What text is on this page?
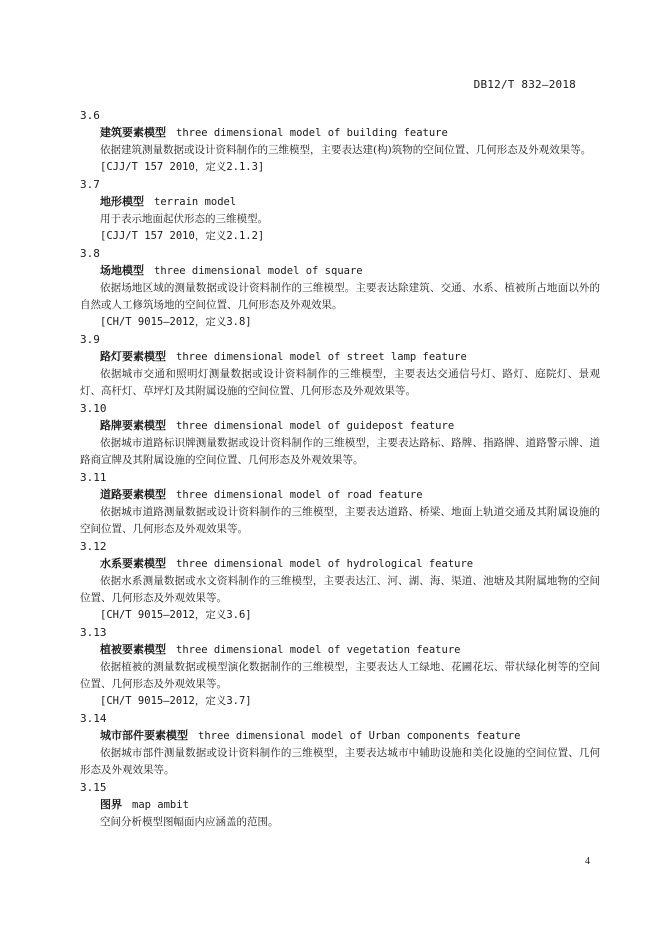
DB12/T 832—2018
3.6
建筑要素模型 three dimensional model of building feature

依据建筑测量数据或设计资料制作的三维模型，主要表达建(构)筑物的空间位置、几何形态及外观效果等。

[CJJ/T 157 2010，定义2.1.3]
3.7
地形模型 terrain model

用于表示地面起伏形态的三维模型。

[CJJ/T 157 2010，定义2.1.2]
3.8
场地模型 three dimensional model of square

依据场地区域的测量数据或设计资料制作的三维模型。主要表达除建筑、交通、水系、植被所占地面以外的自然或人工修筑场地的空间位置、几何形态及外观效果。

[CH/T 9015—2012，定义3.8]
3.9
路灯要素模型 three dimensional model of street lamp feature

依据城市交通和照明灯测量数据或设计资料制作的三维模型，主要表达交通信号灯、路灯、庭院灯、景观灯、高杆灯、草坪灯及其附属设施的空间位置、几何形态及外观效果等。

3.10
路牌要素模型 three dimensional model of guidepost feature

依据城市道路标识牌测量数据或设计资料制作的三维模型，主要表达路标、路牌、指路牌、道路警示牌、道路商宣牌及其附属设施的空间位置、几何形态及外观效果等。

3.11
道路要素模型 three dimensional model of road feature

依据城市道路测量数据或设计资料制作的三维模型，主要表达道路、桥梁、地面上轨道交通及其附属设施的空间位置、几何形态及外观效果等。

3.12
水系要素模型 three dimensional model of hydrological feature

依据水系测量数据或水文资料制作的三维模型，主要表达江、河、湖、海、渠道、池塘及其附属地物的空间位置、几何形态及外观效果等。

[CH/T 9015—2012，定义3.6]
3.13
植被要素模型 three dimensional model of vegetation feature

依据植被的测量数据或模型演化数据制作的三维模型，主要表达人工绿地、花圃花坛、带状绿化树等的空间位置、几何形态及外观效果等。

[CH/T 9015—2012，定义3.7]
3.14
城市部件要素模型 three dimensional model of Urban components feature

依据城市部件测量数据或设计资料制作的三维模型，主要表达城市中辅助设施和美化设施的空间位置、几何形态及外观效果等。

3.15
图界 map ambit

空间分析模型图幅面内应涵盖的范围。

4
